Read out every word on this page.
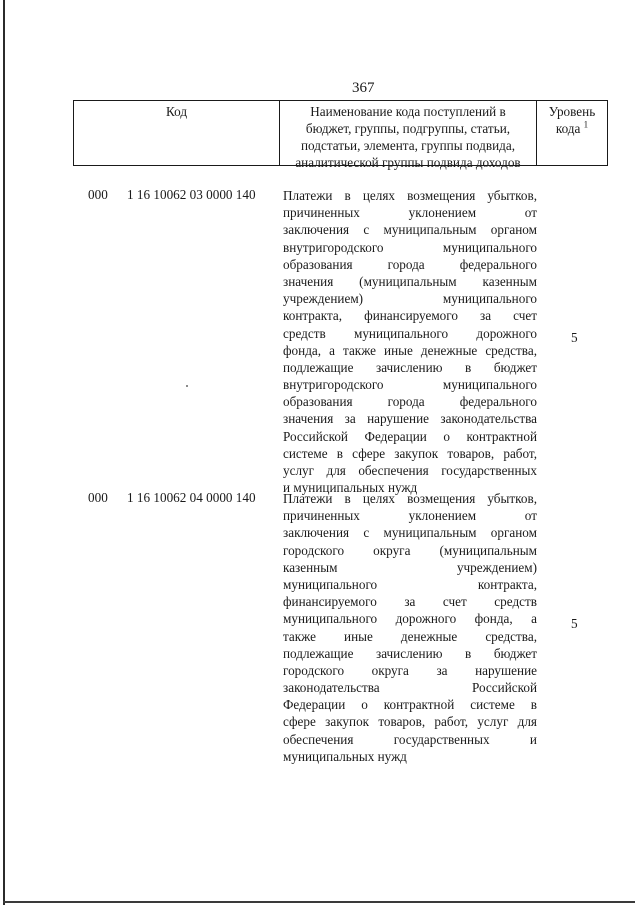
367
Код	Наименование кода поступлений в
бюджет, группы, подгруппы, статьи,
подстатьи, элемента, группы подвида,
аналитической группы подвида доходов
Уровень
кода $^1$
000 1 16 10062 03 0000 140 Платежи в целях возмещения убытков,
причиненных уклонением от
заключения с муниципальным органом
внутригородского муниципального
образования города федерального
значения (муниципальным казенным
учреждением) муниципального
контракта, финансируемого за счет
средств муниципального дорожного
фонда, а также иные денежные средства,
подлежащие зачислению в бюджет
внутригородского муниципального
образования города федерального
значения за нарушение законодательства
Российской Федерации о контрактной
системе в сфере закупок товаров, работ,
услуг для обеспечения государственных
и муниципальных нужд
5
000 1 16 10062 04 0000 140 Платежи в целях возмещения убытков,
причиненных уклонением от
заключения с муниципальным органом
городского округа (муниципальным
казенным учреждением)
муниципального контракта,
финансируемого за счет средств
муниципального дорожного фонда, а
также иные денежные средства,
подлежащие зачислению в бюджет
городского округа за нарушение
законодательства Российской
Федерации о контрактной системе в
сфере закупок товаров, работ, услуг для
обеспечения государственных и
муниципальных нужд
5
